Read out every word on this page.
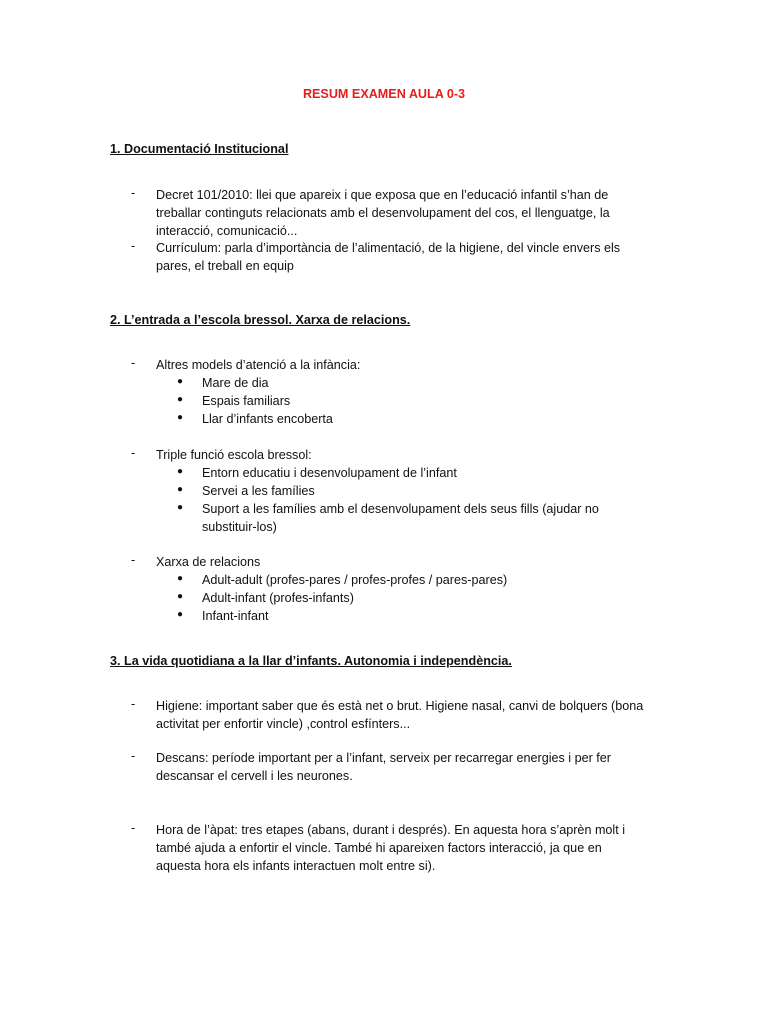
RESUM EXAMEN AULA 0-3
1. Documentació Institucional
-	Decret 101/2010: llei que apareix i que exposa que en l’educació infantil s’han de
treballar continguts relacionats amb el desenvolupament del cos, el llenguatge, la
interacció, comunicació...
-	Currículum: parla d’importància de l’alimentació, de la higiene, del vincle envers els
pares, el treball en equip
2. L’entrada a l’escola bressol. Xarxa de relacions.
-	Altres models d’atenció a la infància:
● Mare de dia
● Espais familiars
● Llar d’infants encoberta
-	Triple funció escola bressol:
● Entorn educatiu i desenvolupament de l’infant
● Servei a les famílies
● Suport a les famílies amb el desenvolupament dels seus fills (ajudar no
substituir-los)
-	Xarxa de relacions
● Adult-adult (profes-pares / profes-profes / pares-pares)
● Adult-infant (profes-infants)
● Infant-infant
3. La vida quotidiana a la llar d’infants. Autonomia i independència.
-	Higiene: important saber que és està net o brut. Higiene nasal, canvi de bolquers (bona
activitat per enfortir vincle) ,control esfínters...
-	Descans: període important per a l’infant, serveix per recarregar energies i per fer
descansar el cervell i les neurones.
-	Hora de l’àpat: tres etapes (abans, durant i després). En aquesta hora s’aprèn molt i
també ajuda a enfortir el vincle. També hi apareixen factors interacció, ja que en
aquesta hora els infants interactuen molt entre si).
